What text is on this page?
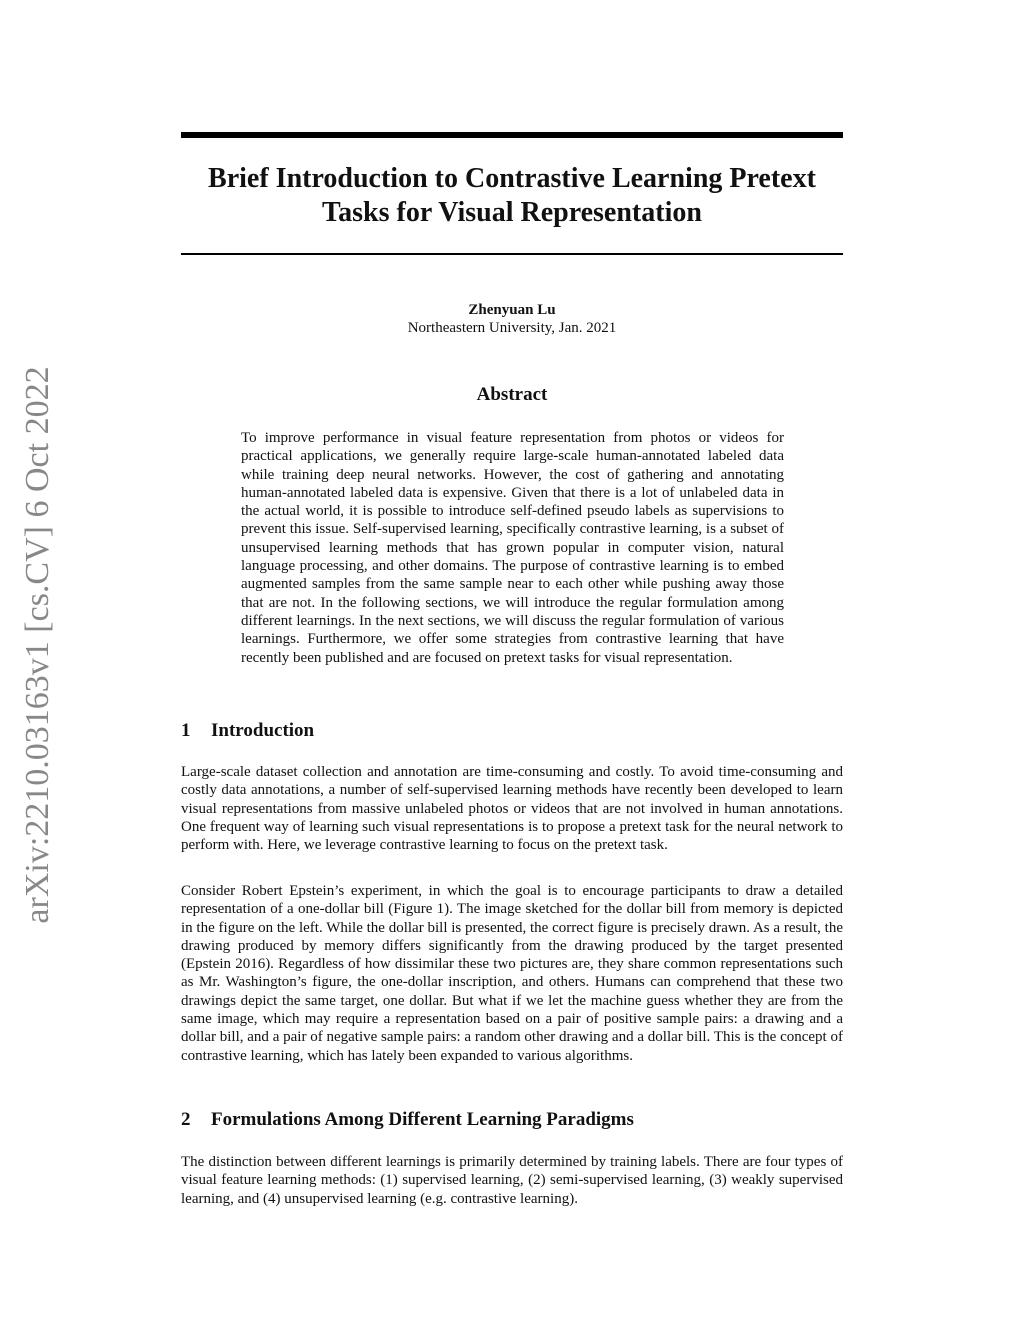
arXiv:2210.03163v1 [cs.CV] 6 Oct 2022
Brief Introduction to Contrastive Learning Pretext
Tasks for Visual Representation
Zhenyuan Lu
Northeastern University, Jan. 2021
Abstract
To improve performance in visual feature representation from photos or videos for practical applications, we generally require large-scale human-annotated labeled data while training deep neural networks. However, the cost of gathering and annotating human-annotated labeled data is expensive. Given that there is a lot of unlabeled data in the actual world, it is possible to introduce self-defined pseudo labels as supervisions to prevent this issue. Self-supervised learning, specifically contrastive learning, is a subset of unsupervised learning methods that has grown popular in computer vision, natural language processing, and other domains. The purpose of contrastive learning is to embed augmented samples from the same sample near to each other while pushing away those that are not. In the following sections, we will introduce the regular formulation among different learnings. In the next sections, we will discuss the regular formulation of various learnings. Furthermore, we offer some strategies from contrastive learning that have recently been published and are focused on pretext tasks for visual representation.
1 Introduction

Large-scale dataset collection and annotation are time-consuming and costly. To avoid time-consuming and costly data annotations, a number of self-supervised learning methods have recently been developed to learn visual representations from massive unlabeled photos or videos that are not involved in human annotations. One frequent way of learning such visual representations is to propose a pretext task for the neural network to perform with. Here, we leverage contrastive learning to focus on the pretext task.

Consider Robert Epstein’s experiment, in which the goal is to encourage participants to draw a detailed representation of a one-dollar bill (Figure 1). The image sketched for the dollar bill from memory is depicted in the figure on the left. While the dollar bill is presented, the correct figure is precisely drawn. As a result, the drawing produced by memory differs significantly from the drawing produced by the target presented (Epstein 2016). Regardless of how dissimilar these two pictures are, they share common representations such as Mr. Washington’s figure, the one-dollar inscription, and others. Humans can comprehend that these two drawings depict the same target, one dollar. But what if we let the machine guess whether they are from the same image, which may require a representation based on a pair of positive sample pairs: a drawing and a dollar bill, and a pair of negative sample pairs: a random other drawing and a dollar bill. This is the concept of contrastive learning, which has lately been expanded to various algorithms.

2 Formulations Among Different Learning Paradigms

The distinction between different learnings is primarily determined by training labels. There are four types of visual feature learning methods: (1) supervised learning, (2) semi-supervised learning, (3) weakly supervised learning, and (4) unsupervised learning (e.g. contrastive learning).
